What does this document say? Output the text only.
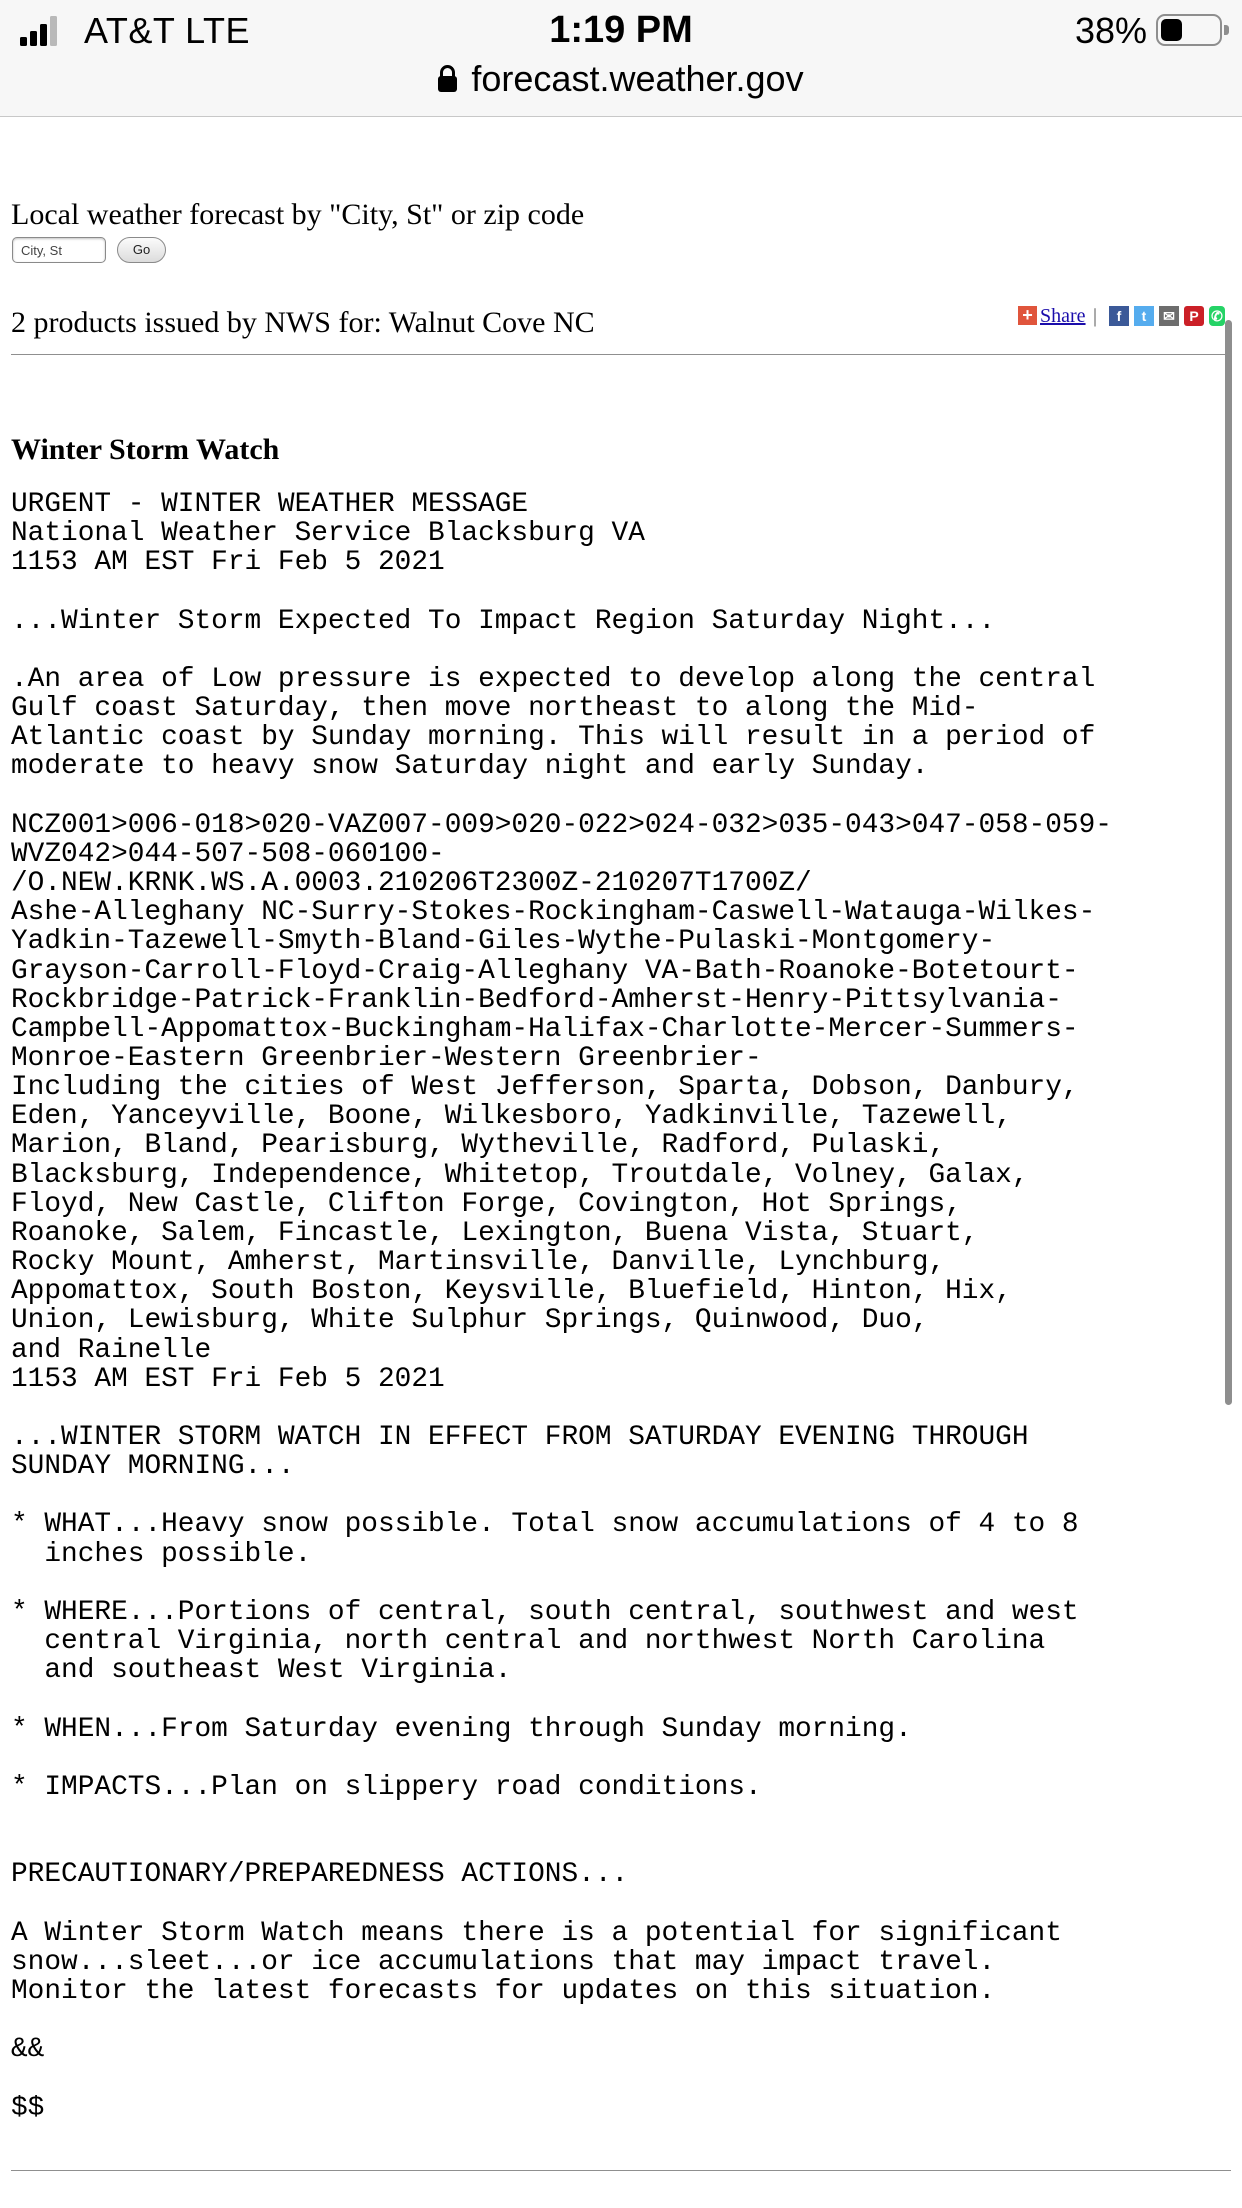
AT&T LTE	1:19 PM	38%
forecast.weather.gov
Local weather forecast by "City, St" or zip code
City, St
Go
2 products issued by NWS for: Walnut Cove NC	+ Share |	f	t	✉	P ✆
Winter Storm Watch
URGENT - WINTER WEATHER MESSAGE
National Weather Service Blacksburg VA
1153 AM EST Fri Feb 5 2021

...Winter Storm Expected To Impact Region Saturday Night...

.An area of Low pressure is expected to develop along the central
Gulf coast Saturday, then move northeast to along the Mid-
Atlantic coast by Sunday morning. This will result in a period of
moderate to heavy snow Saturday night and early Sunday.

NCZ001>006-018>020-VAZ007-009>020-022>024-032>035-043>047-058-059-
WVZ042>044-507-508-060100-
/O.NEW.KRNK.WS.A.0003.210206T2300Z-210207T1700Z/
Ashe-Alleghany NC-Surry-Stokes-Rockingham-Caswell-Watauga-Wilkes-
Yadkin-Tazewell-Smyth-Bland-Giles-Wythe-Pulaski-Montgomery-
Grayson-Carroll-Floyd-Craig-Alleghany VA-Bath-Roanoke-Botetourt-
Rockbridge-Patrick-Franklin-Bedford-Amherst-Henry-Pittsylvania-
Campbell-Appomattox-Buckingham-Halifax-Charlotte-Mercer-Summers-
Monroe-Eastern Greenbrier-Western Greenbrier-
Including the cities of West Jefferson, Sparta, Dobson, Danbury,
Eden, Yanceyville, Boone, Wilkesboro, Yadkinville, Tazewell,
Marion, Bland, Pearisburg, Wytheville, Radford, Pulaski,
Blacksburg, Independence, Whitetop, Troutdale, Volney, Galax,
Floyd, New Castle, Clifton Forge, Covington, Hot Springs,
Roanoke, Salem, Fincastle, Lexington, Buena Vista, Stuart,
Rocky Mount, Amherst, Martinsville, Danville, Lynchburg,
Appomattox, South Boston, Keysville, Bluefield, Hinton, Hix,
Union, Lewisburg, White Sulphur Springs, Quinwood, Duo,
and Rainelle
1153 AM EST Fri Feb 5 2021

...WINTER STORM WATCH IN EFFECT FROM SATURDAY EVENING THROUGH
SUNDAY MORNING...

* WHAT...Heavy snow possible. Total snow accumulations of 4 to 8
inches possible.

* WHERE...Portions of central, south central, southwest and west
central Virginia, north central and northwest North Carolina
and southeast West Virginia.

* WHEN...From Saturday evening through Sunday morning.

* IMPACTS...Plan on slippery road conditions.

PRECAUTIONARY/PREPAREDNESS ACTIONS...

A Winter Storm Watch means there is a potential for significant
snow...sleet...or ice accumulations that may impact travel.
Monitor the latest forecasts for updates on this situation.

&&

$$
